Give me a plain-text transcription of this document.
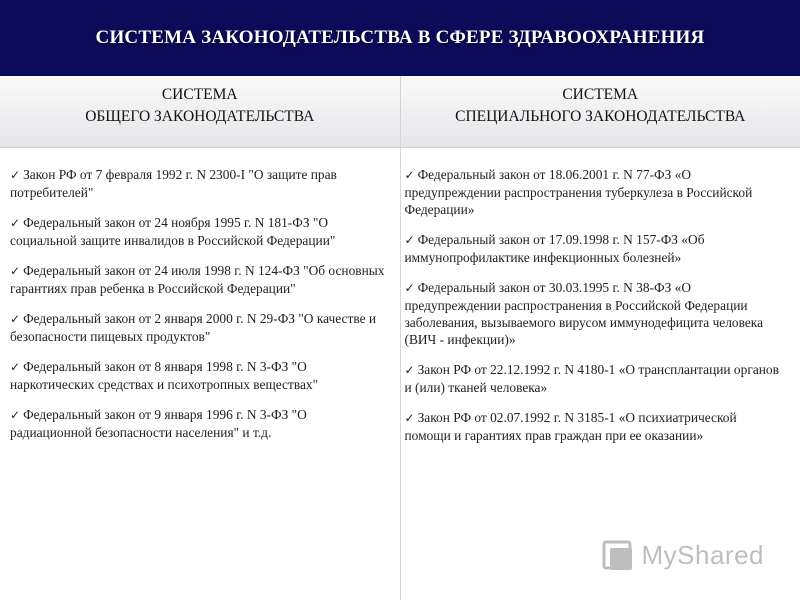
СИСТЕМА ЗАКОНОДАТЕЛЬСТВА В СФЕРЕ ЗДРАВООХРАНЕНИЯ
СИСТЕМА
ОБЩЕГО ЗАКОНОДАТЕЛЬСТВА
СИСТЕМА
СПЕЦИАЛЬНОГО ЗАКОНОДАТЕЛЬСТВА
✓ Закон РФ от 7 февраля 1992 г. N 2300-I "О защите прав потребителей"
✓ Федеральный закон от 24 ноября 1995 г. N 181-ФЗ "О социальной защите инвалидов в Российской Федерации"
✓ Федеральный закон от 24 июля 1998 г. N 124-ФЗ "Об основных гарантиях прав ребенка в Российской Федерации"
✓ Федеральный закон от 2 января 2000 г. N 29-ФЗ "О качестве и безопасности пищевых продуктов"
✓ Федеральный закон от 8 января 1998 г. N 3-ФЗ "О наркотических средствах и психотропных веществах"
✓ Федеральный закон от 9 января 1996 г. N 3-ФЗ "О радиационной безопасности населения" и т.д.
✓ Федеральный закон от 18.06.2001 г. N 77-ФЗ «О предупреждении распространения туберкулеза в Российской Федерации»
✓ Федеральный закон от 17.09.1998 г. N 157-ФЗ «Об иммунопрофилактике инфекционных болезней»
✓ Федеральный закон от 30.03.1995 г. N 38-ФЗ «О предупреждении распространения в Российской Федерации заболевания, вызываемого вирусом иммунодефицита человека (ВИЧ - инфекции)»
✓ Закон РФ от 22.12.1992 г. N 4180-1 «О трансплантации органов и (или) тканей человека»
✓ Закон РФ от 02.07.1992 г. N 3185-1 «О психиатрической помощи и гарантиях прав граждан при ее оказании»
MyShared
